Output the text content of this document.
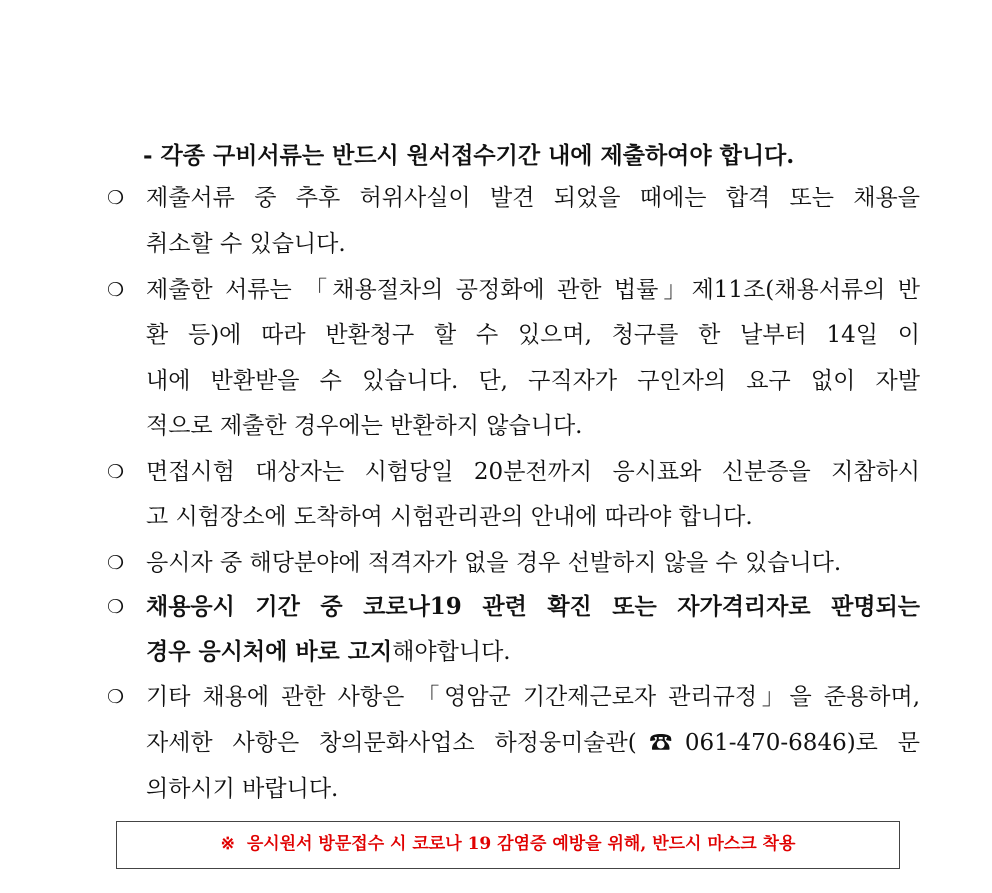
- 각종 구비서류는 반드시 원서접수기간 내에 제출하여야 합니다.
❍ 제출서류 중 추후 허위사실이 발견 되었을 때에는 합격 또는 채용을
취소할 수 있습니다.
❍ 제출한 서류는 「채용절차의 공정화에 관한 법률」제11조(채용서류의 반
환 등)에 따라 반환청구 할 수 있으며, 청구를 한 날부터 14일 이
내에 반환받을 수 있습니다. 단, 구직자가 구인자의 요구 없이 자발
적으로 제출한 경우에는 반환하지 않습니다.
❍ 면접시험 대상자는 시험당일 20분전까지 응시표와 신분증을 지참하시
고 시험장소에 도착하여 시험관리관의 안내에 따라야 합니다.
❍ 응시자 중 해당분야에 적격자가 없을 경우 선발하지 않을 수 있습니다.
❍ 채용응시 기간 중 코로나19 관련 확진 또는 자가격리자로 판명되는
경우 응시처에 바로 고지해야합니다.
❍ 기타 채용에 관한 사항은 「영암군 기간제근로자 관리규정」을 준용하며,
자세한 사항은 창의문화사업소 하정웅미술관(☎061-470-6846)로 문
의하시기 바랍니다.
※ 응시원서 방문접수 시 코로나 19 감염증 예방을 위해, 반드시 마스크 착용
